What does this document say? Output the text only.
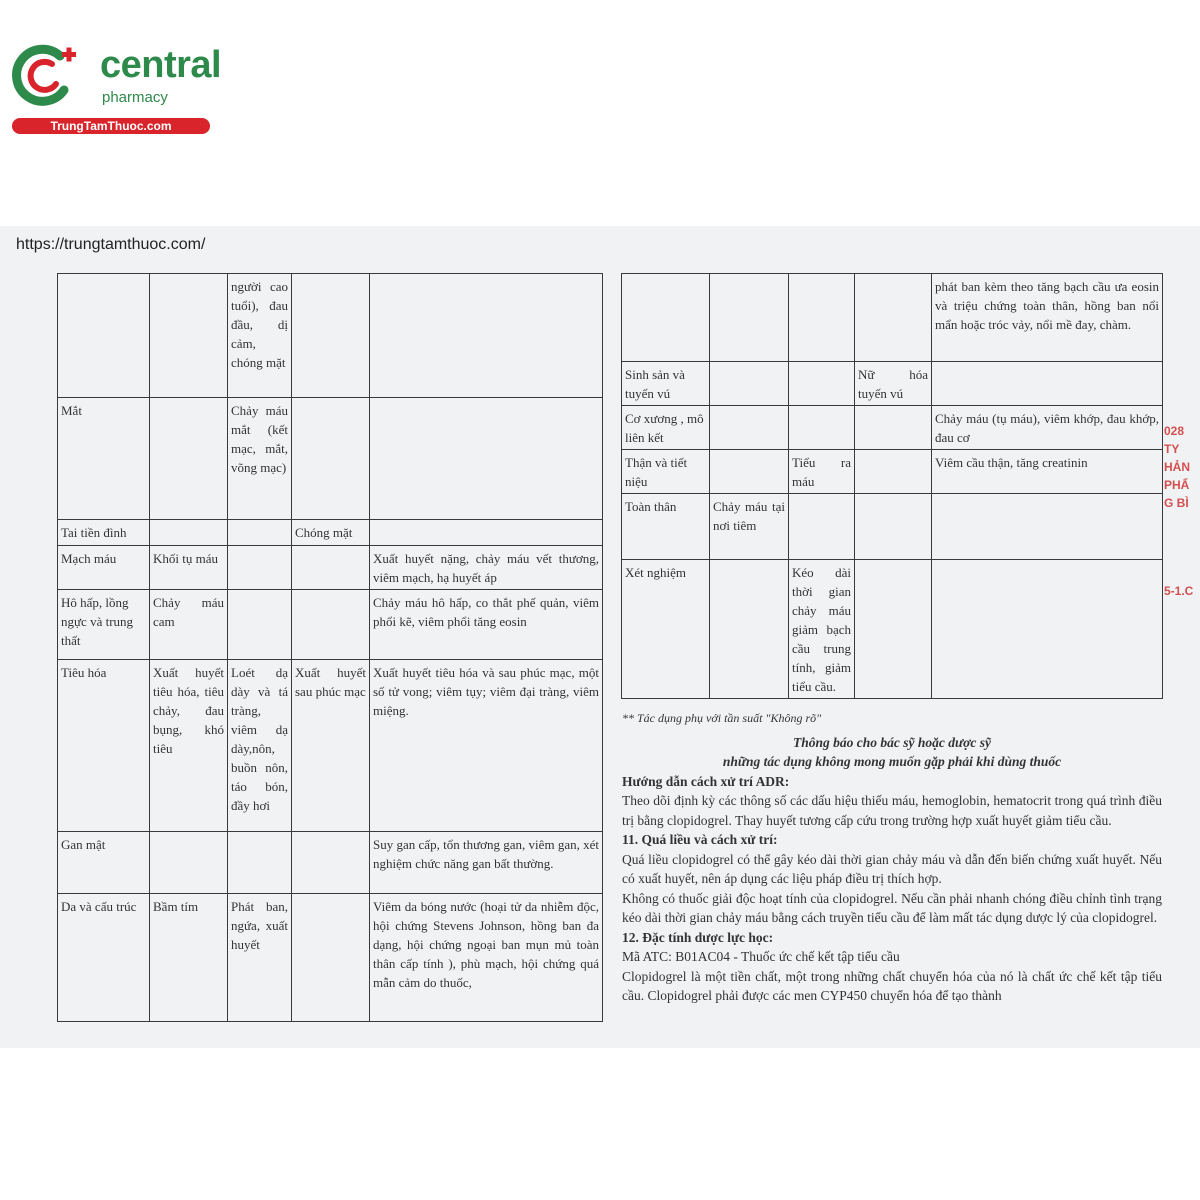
central
pharmacy
TrungTamThuoc.com
https://trungtamthuoc.com/
		người cao tuổi), đau đầu, dị cảm, chóng mặt		
Mắt		Chảy máu mắt (kết mạc, mắt, võng mạc)		
Tai tiền đình			Chóng mặt	
Mạch máu	Khối tụ máu			Xuất huyết nặng, chảy máu vết thương, viêm mạch, hạ huyết áp
Hô hấp, lồng ngực và trung thất	Chảy máu cam			Chảy máu hô hấp, co thắt phế quản, viêm phổi kẽ, viêm phổi tăng eosin
Tiêu hóa	Xuất huyết tiêu hóa, tiêu chảy, đau bụng, khó tiêu	Loét dạ dày và tá tràng, viêm dạ dày,nôn, buồn nôn, táo bón, đầy hơi	Xuất huyết sau phúc mạc	Xuất huyết tiêu hóa và sau phúc mạc, một số tử vong; viêm tụy; viêm đại tràng, viêm miệng.
Gan mật				Suy gan cấp, tổn thương gan, viêm gan, xét nghiệm chức năng gan bất thường.
Da và cấu trúc	Bầm tím	Phát ban, ngứa, xuất huyết		Viêm da bóng nước (hoại tử da nhiễm độc, hội chứng Stevens Johnson, hồng ban đa dạng, hội chứng ngoại ban mụn mủ toàn thân cấp tính ), phù mạch, hội chứng quá mẫn cảm do thuốc,
				phát ban kèm theo tăng bạch cầu ưa eosin và triệu chứng toàn thân, hồng ban nổi mẩn hoặc tróc vảy, nổi mề đay, chàm.
Sinh sản và tuyến vú			Nữ hóa tuyến vú	
Cơ xương , mô liên kết				Chảy máu (tụ máu), viêm khớp, đau khớp, đau cơ
Thận và tiết niệu		Tiểu ra máu		Viêm cầu thận, tăng creatinin
Toàn thân	Chảy máu tại nơi tiêm			
Xét nghiệm		Kéo dài thời gian chảy máu giảm bạch cầu trung tính, giảm tiểu cầu.		

** Tác dụng phụ với tần suất "Không rõ"

Thông báo cho bác sỹ hoặc dược sỹ

những tác dụng không mong muốn gặp phải khi dùng thuốc

Hướng dẫn cách xử trí ADR:

Theo dõi định kỳ các thông số các dấu hiệu thiếu máu, hemoglobin, hematocrit trong quá trình điều trị bằng clopidogrel. Thay huyết tương cấp cứu trong trường hợp xuất huyết giảm tiểu cầu.

11. Quá liều và cách xử trí:

Quá liều clopidogrel có thể gây kéo dài thời gian chảy máu và dẫn đến biến chứng xuất huyết. Nếu có xuất huyết, nên áp dụng các liệu pháp điều trị thích hợp.

Không có thuốc giải độc hoạt tính của clopidogrel. Nếu cần phải nhanh chóng điều chỉnh tình trạng kéo dài thời gian chảy máu bằng cách truyền tiểu cầu để làm mất tác dụng dược lý của clopidogrel.

12. Đặc tính dược lực học:

Mã ATC: B01AC04 - Thuốc ức chế kết tập tiểu cầu

Clopidogrel là một tiền chất, một trong những chất chuyển hóa của nó là chất ức chế kết tập tiểu cầu. Clopidogrel phải được các men CYP450 chuyển hóa để tạo thành

028
TY
HẢN
PHẨ
G BÌ
5-1.C
